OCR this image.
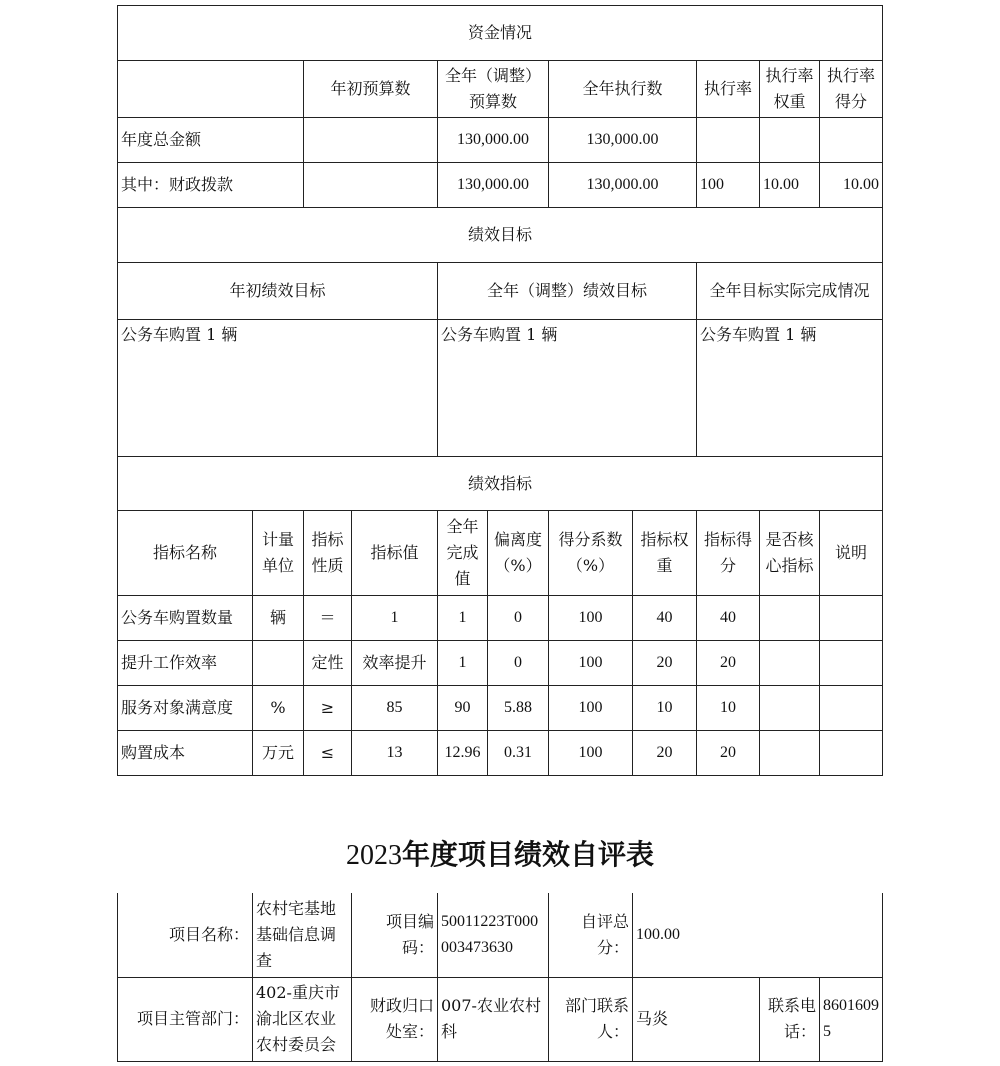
资金情况										
		年初预算数		全年（调整）预算数		全年执行数		执行率	执行率权重	执行率得分
年度总金额				130,000.00		130,000.00				
其中：财政拨款				130,000.00		130,000.00		100	10.00	10.00
绩效目标										
年初绩效目标				全年（调整）绩效目标				全年目标实际完成情况		
公务车购置 1 辆				公务车购置 1 辆				公务车购置 1 辆		
绩效指标										
指标名称	计量单位	指标性质	指标值	全年完成值	偏离度（%）	得分系数（%）	指标权重	指标得分	是否核心指标	说明
公务车购置数量	辆	＝	1	1	0	100	40	40		
提升工作效率		定性	效率提升	1	0	100	20	20		
服务对象满意度	%	≥	85	90	5.88	100	10	10		
购置成本	万元	≤	13	12.96	0.31	100	20	20		
2023年度项目绩效自评表
项目名称：	农村宅基地基础信息调查	项目编码：	50011223T000003473630	自评总分：	100.00		
项目主管部门：	402-重庆市渝北区农业农村委员会	财政归口处室：	007-农业农村科	部门联系人：	马炎	联系电话：	86016095
